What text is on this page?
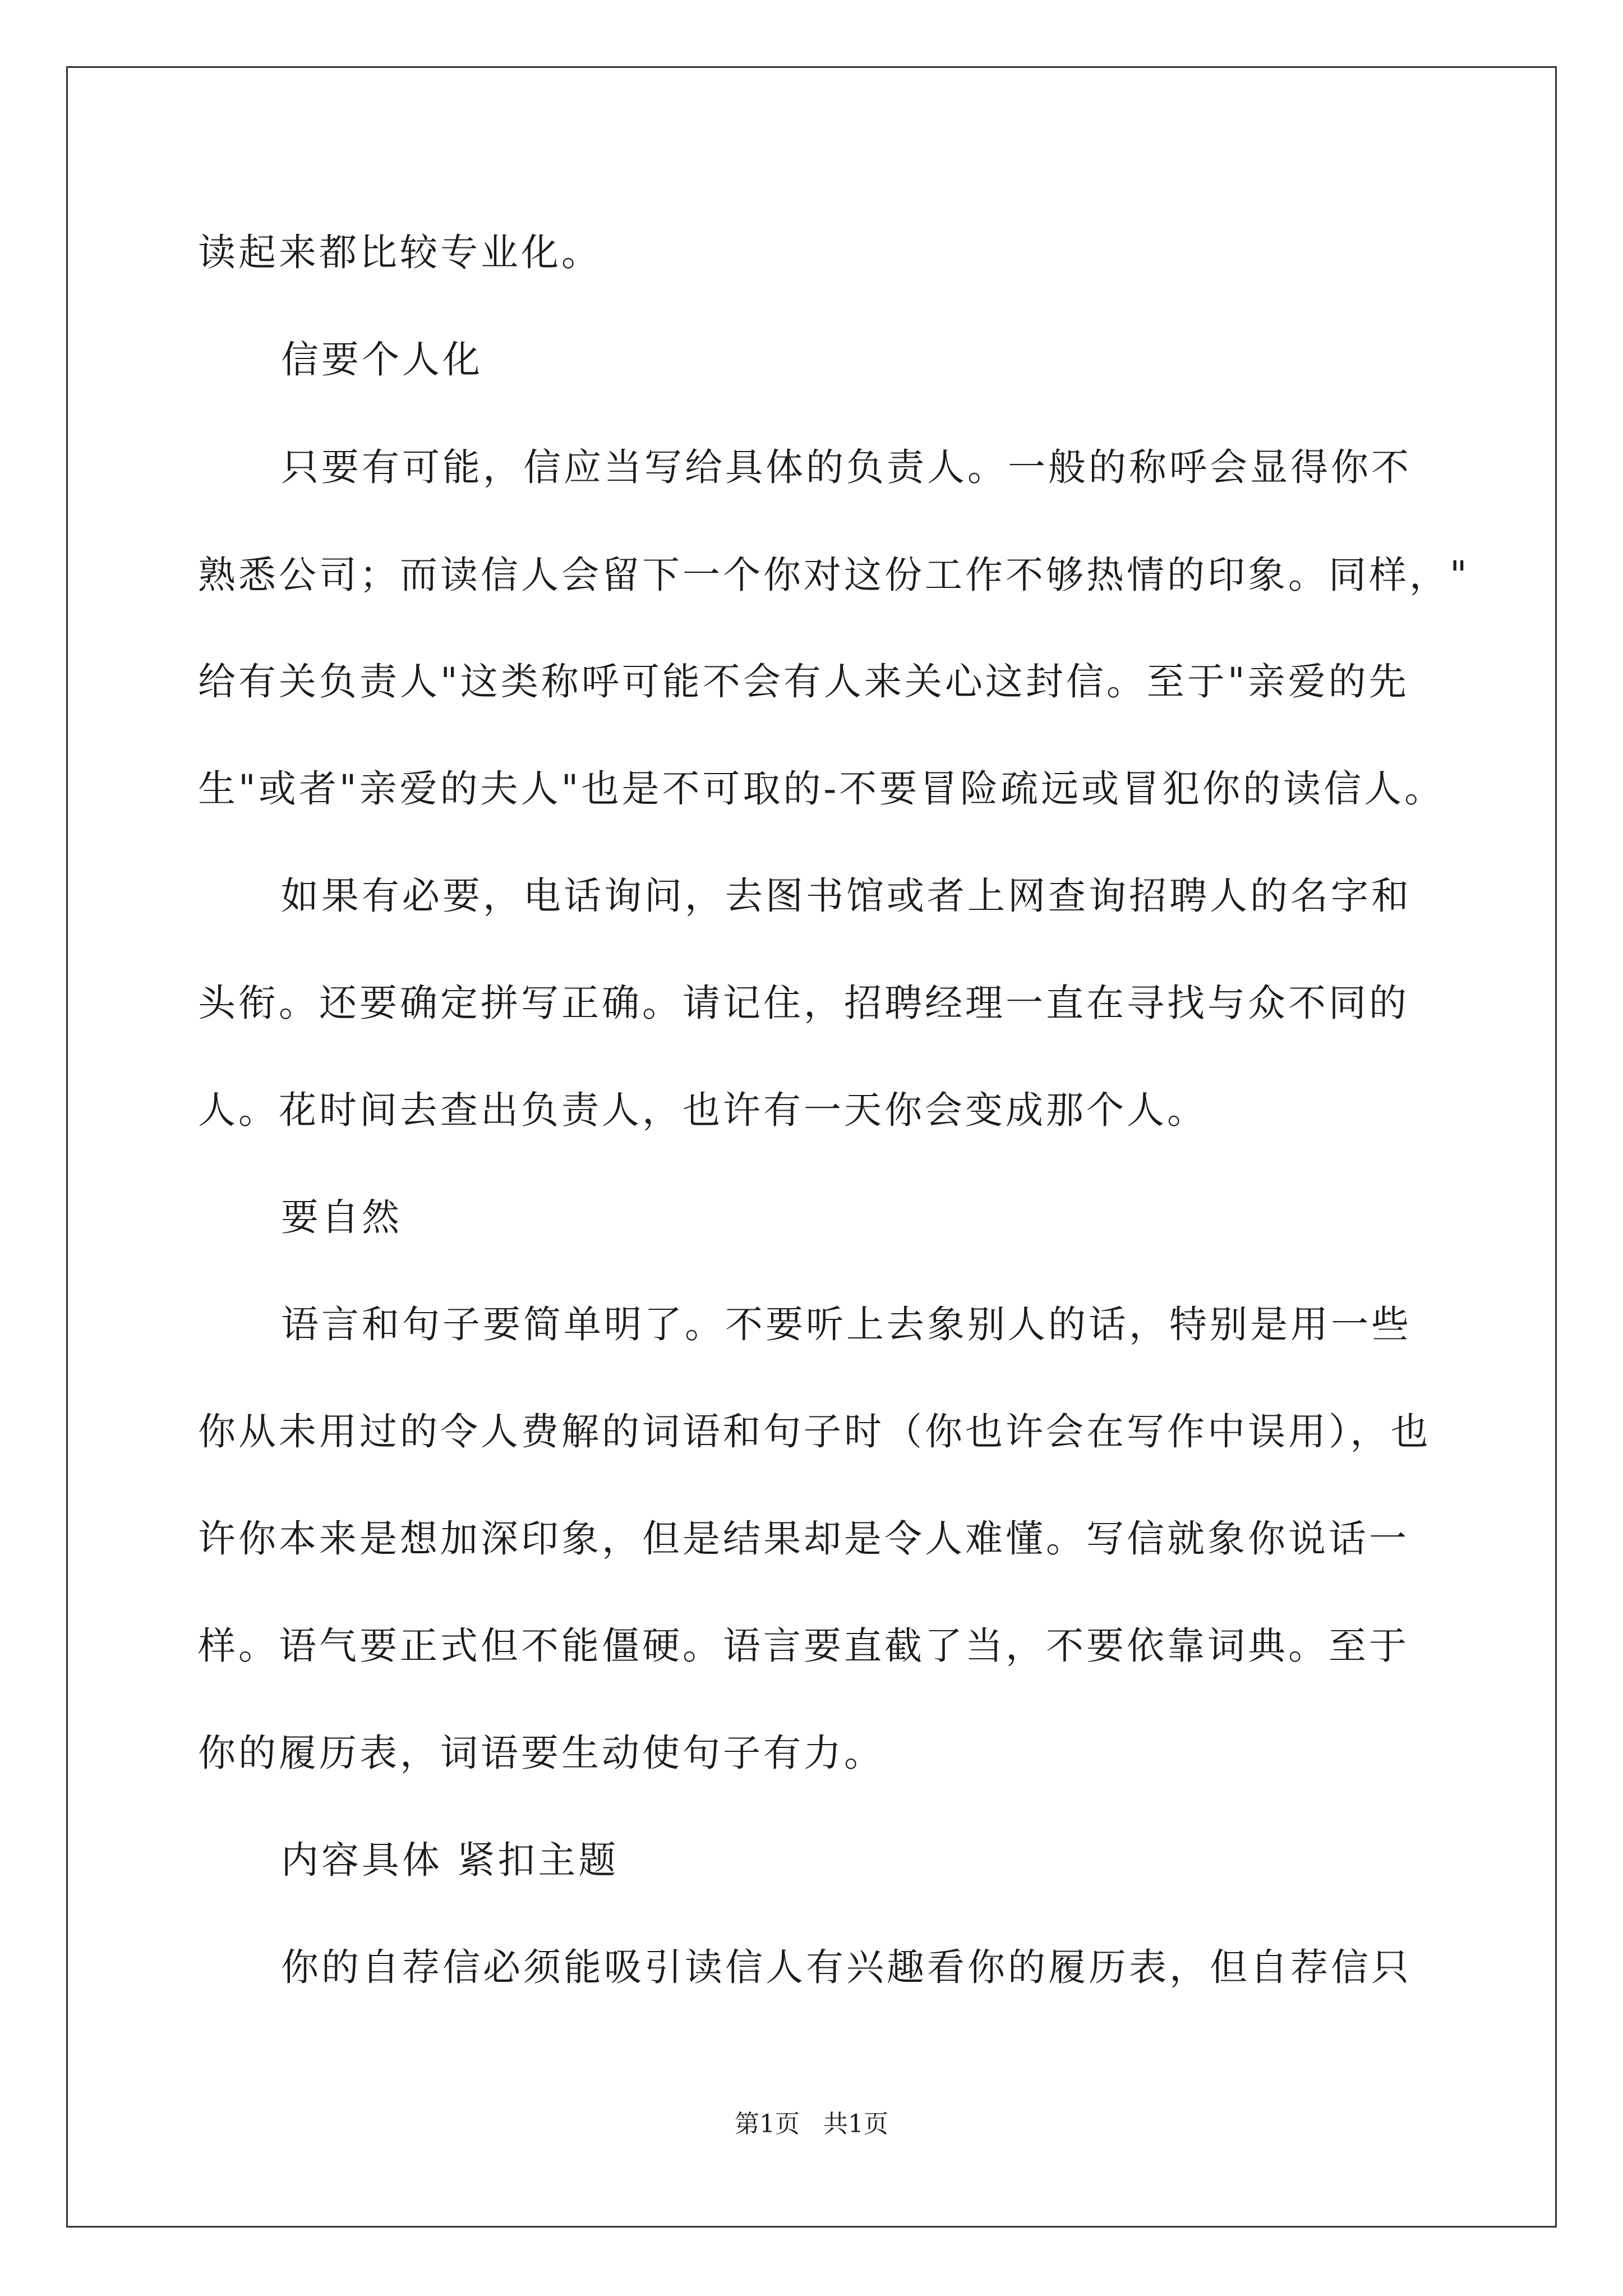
读起来都比较专业化。
信要个人化
只要有可能，信应当写给具体的负责人。一般的称呼会显得你不
熟悉公司；而读信人会留下一个你对这份工作不够热情的印象。同样，"
给有关负责人"这类称呼可能不会有人来关心这封信。至于"亲爱的先
生"或者"亲爱的夫人"也是不可取的-不要冒险疏远或冒犯你的读信人。
如果有必要，电话询问，去图书馆或者上网查询招聘人的名字和
头衔。还要确定拼写正确。请记住，招聘经理一直在寻找与众不同的
人。花时间去查出负责人，也许有一天你会变成那个人。
要自然
语言和句子要简单明了。不要听上去象别人的话，特别是用一些
你从未用过的令人费解的词语和句子时（你也许会在写作中误用），也
许你本来是想加深印象，但是结果却是令人难懂。写信就象你说话一
样。语气要正式但不能僵硬。语言要直截了当，不要依靠词典。至于
你的履历表，词语要生动使句子有力。
内容具体 紧扣主题
你的自荐信必须能吸引读信人有兴趣看你的履历表，但自荐信只
第1页 共1页
